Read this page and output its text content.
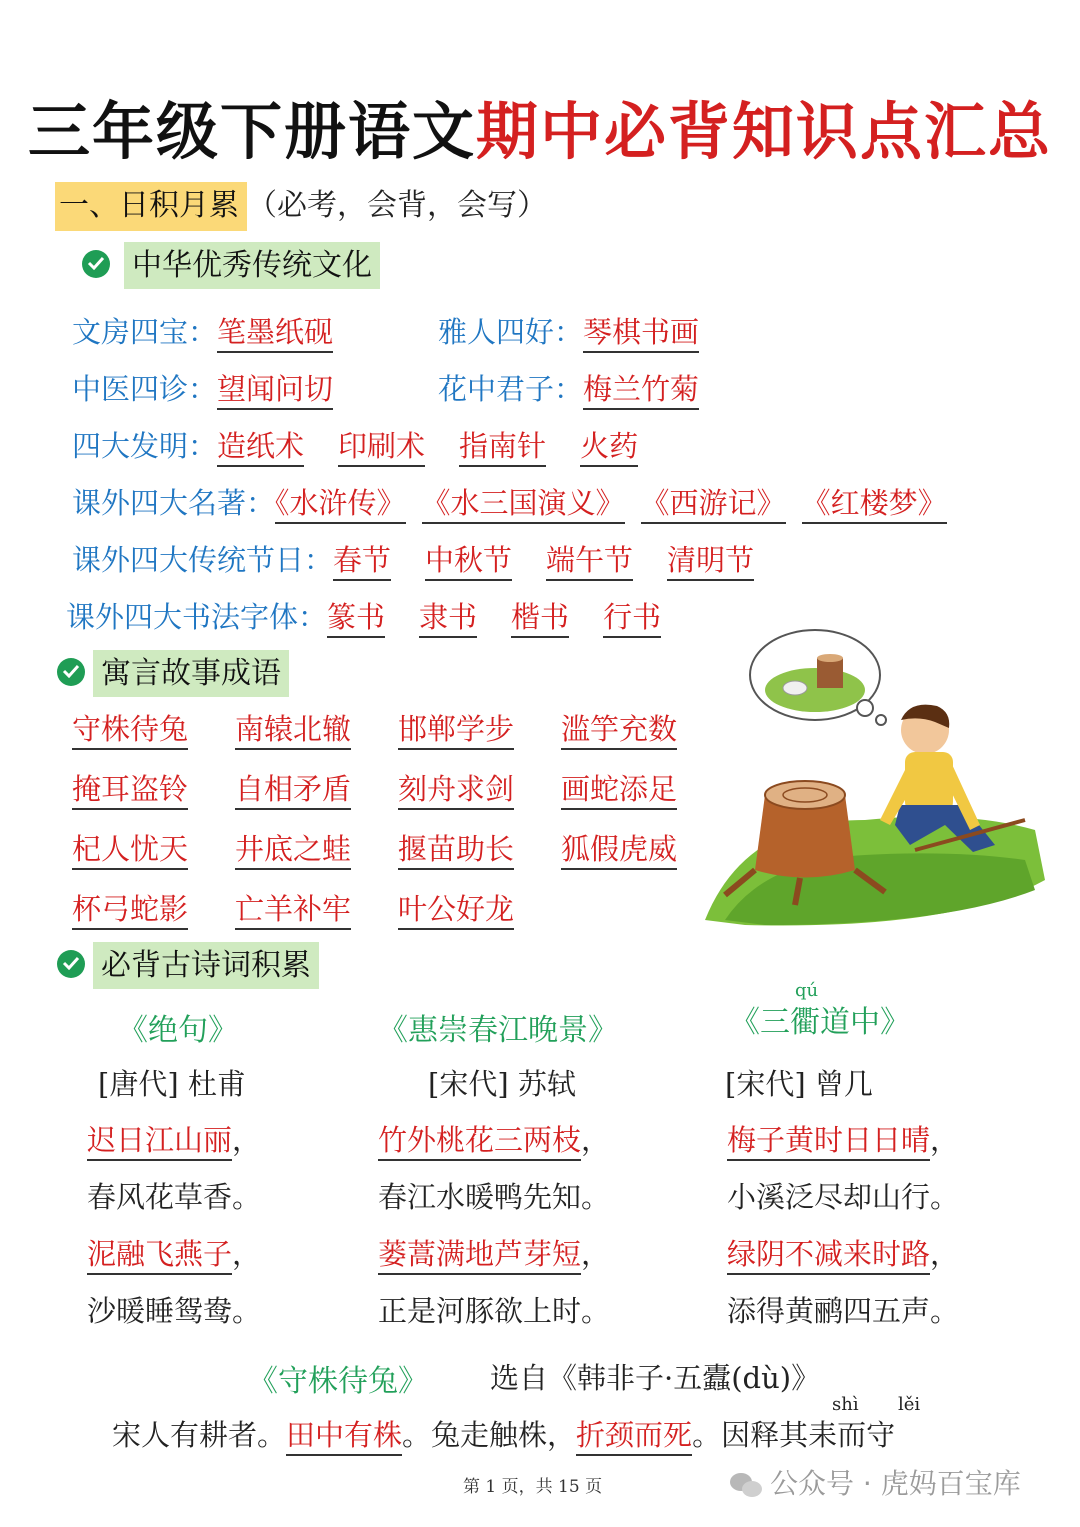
三年级下册语文期中必背知识点汇总
一、日积月累 （必考，会背，会写）
中华优秀传统文化
文房四宝：笔墨纸砚	雅人四好：琴棋书画
中医四诊：望闻问切	花中君子：梅兰竹菊
四大发明：造纸术 印刷术 指南针 火药
课外四大名著：《水浒传》 《水三国演义》 《西游记》 《红楼梦》
课外四大传统节日：春节 中秋节 端午节 清明节
课外四大书法字体：篆书 隶书 楷书 行书
寓言故事成语
守株待兔	南辕北辙	邯郸学步	滥竽充数
掩耳盗铃	自相矛盾	刻舟求剑	画蛇添足
杞人忧天	井底之蛙	揠苗助长	狐假虎威
杯弓蛇影	亡羊补牢	叶公好龙
必背古诗词积累
《绝句》
[唐代] 杜甫
迟日江山丽，
春风花草香。
泥融飞燕子，
沙暖睡鸳鸯。
《惠崇春江晚景》
[宋代] 苏轼
竹外桃花三两枝，
春江水暖鸭先知。
蒌蒿满地芦芽短，
正是河豚欲上时。
qú
《三衢道中》
[宋代] 曾几
梅子黄时日日晴，
小溪泛尽却山行。
绿阴不减来时路，
添得黄鹂四五声。
《守株待兔》 选自《韩非子·五蠹(dù)》
shì lěi
宋人有耕者。田中有株。兔走触株，折颈而死。因释其耒而守
第 1 页，共 15 页	公众号 · 虎妈百宝库
